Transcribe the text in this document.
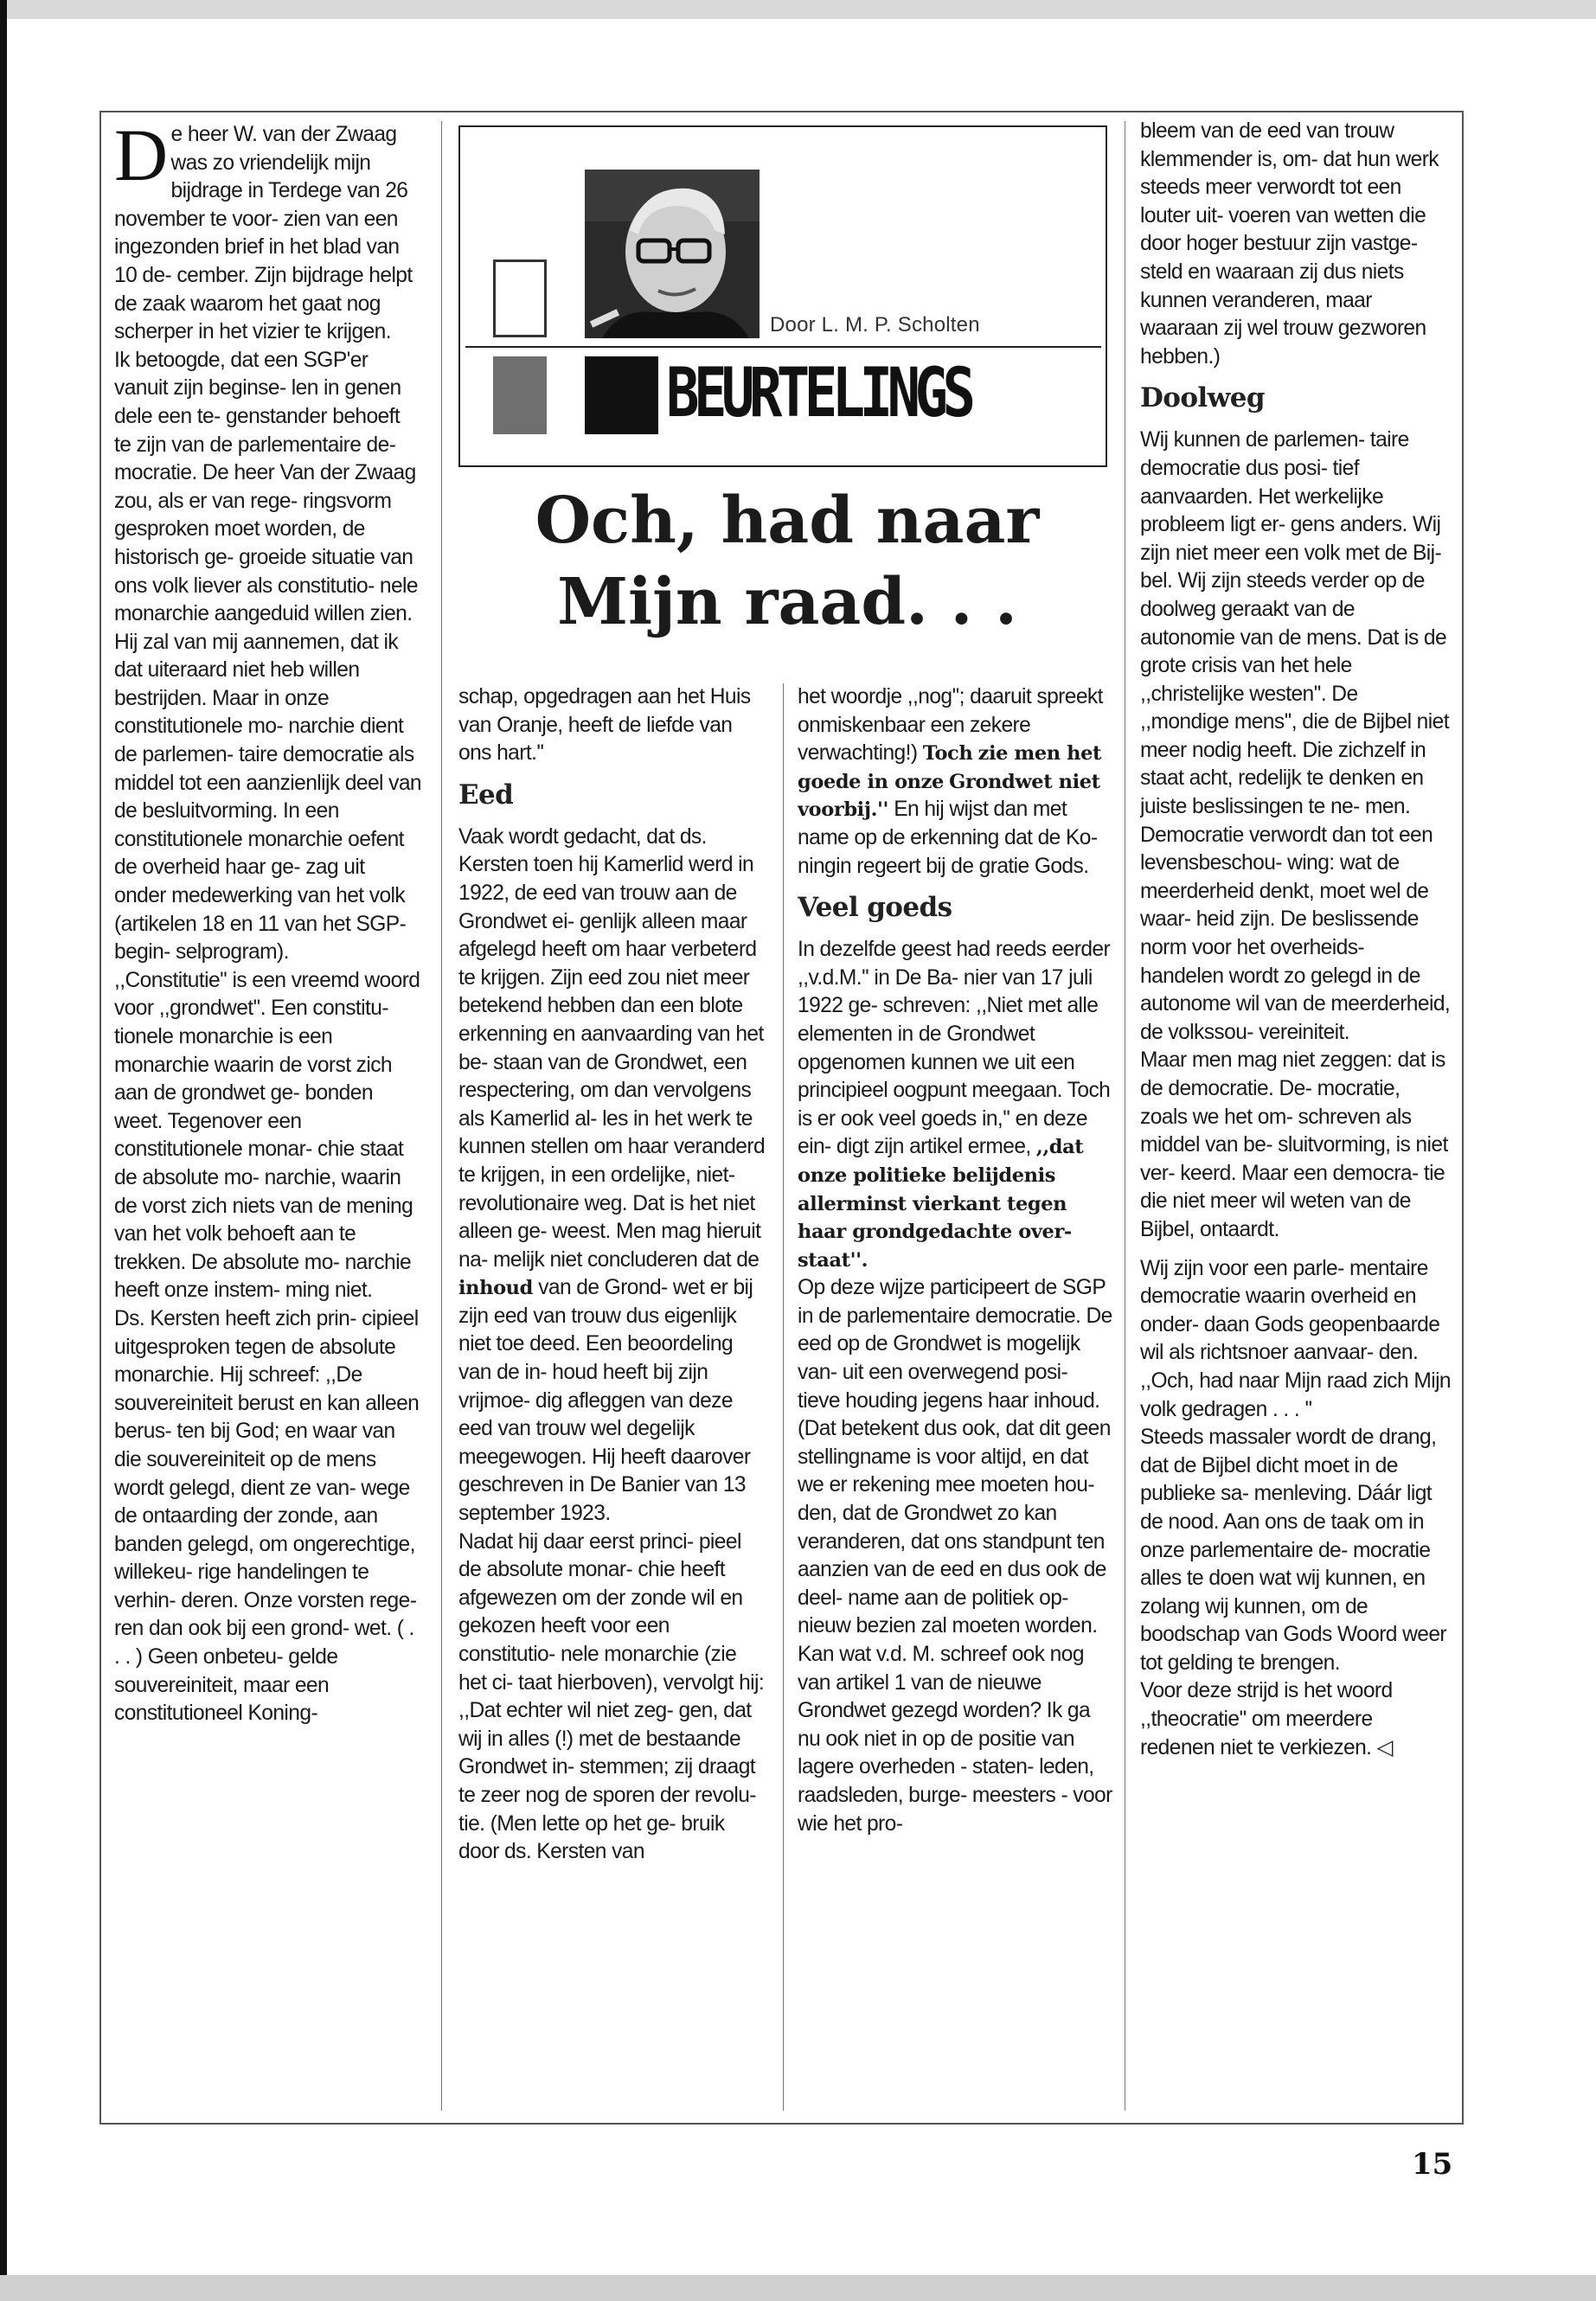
Door L. M. P. Scholten
BEURTELINGS
Och, had naar
Mijn raad. . .
D e heer W. van der Zwaag was zo vriendelijk mijn bijdrage in Terdege van 26 november te voor- zien van een ingezonden brief in het blad van 10 de- cember. Zijn bijdrage helpt de zaak waarom het gaat nog scherper in het vizier te krijgen.

Ik betoogde, dat een SGP'er vanuit zijn beginse- len in genen dele een te- genstander behoeft te zijn van de parlementaire de- mocratie. De heer Van der Zwaag zou, als er van rege- ringsvorm gesproken moet worden, de historisch ge- groeide situatie van ons volk liever als constitutio- nele monarchie aangeduid willen zien.

Hij zal van mij aannemen, dat ik dat uiteraard niet heb willen bestrijden. Maar in onze constitutionele mo- narchie dient de parlemen- taire democratie als middel tot een aanzienlijk deel van de besluitvorming. In een constitutionele monarchie oefent de overheid haar ge- zag uit onder medewerking van het volk (artikelen 18 en 11 van het SGP-begin- selprogram).

,,Constitutie'' is een vreemd woord voor ,,grondwet''. Een constitu- tionele monarchie is een monarchie waarin de vorst zich aan de grondwet ge- bonden weet. Tegenover een constitutionele monar- chie staat de absolute mo- narchie, waarin de vorst zich niets van de mening van het volk behoeft aan te trekken. De absolute mo- narchie heeft onze instem- ming niet.

Ds. Kersten heeft zich prin- cipieel uitgesproken tegen de absolute monarchie. Hij schreef: ,,De souvereiniteit berust en kan alleen berus- ten bij God; en waar van die souvereiniteit op de mens wordt gelegd, dient ze van- wege de ontaarding der zonde, aan banden gelegd, om ongerechtige, willekeu- rige handelingen te verhin- deren. Onze vorsten rege- ren dan ook bij een grond- wet. ( . . . ) Geen onbeteu- gelde souvereiniteit, maar een constitutioneel Koning-

schap, opgedragen aan het Huis van Oranje, heeft de liefde van ons hart.''

Eed

Vaak wordt gedacht, dat ds. Kersten toen hij Kamerlid werd in 1922, de eed van trouw aan de Grondwet ei- genlijk alleen maar afgelegd heeft om haar verbeterd te krijgen. Zijn eed zou niet meer betekend hebben dan een blote erkenning en aanvaarding van het be- staan van de Grondwet, een respectering, om dan vervolgens als Kamerlid al- les in het werk te kunnen stellen om haar veranderd te krijgen, in een ordelijke, niet-revolutionaire weg. Dat is het niet alleen ge- weest. Men mag hieruit na- melijk niet concluderen dat de inhoud van de Grond- wet er bij zijn eed van trouw dus eigenlijk niet toe deed. Een beoordeling van de in- houd heeft bij zijn vrijmoe- dig afleggen van deze eed van trouw wel degelijk meegewogen. Hij heeft daarover geschreven in De Banier van 13 september 1923.

Nadat hij daar eerst princi- pieel de absolute monar- chie heeft afgewezen om der zonde wil en gekozen heeft voor een constitutio- nele monarchie (zie het ci- taat hierboven), vervolgt hij: ,,Dat echter wil niet zeg- gen, dat wij in alles (!) met de bestaande Grondwet in- stemmen; zij draagt te zeer nog de sporen der revolu- tie. (Men lette op het ge- bruik door ds. Kersten van

het woordje ,,nog''; daaruit spreekt onmiskenbaar een zekere verwachting!) Toch zie men het goede in onze Grondwet niet voorbij.'' En hij wijst dan met name op de erkenning dat de Ko- ningin regeert bij de gratie Gods.

Veel goeds

In dezelfde geest had reeds eerder ,,v.d.M.'' in De Ba- nier van 17 juli 1922 ge- schreven: ,,Niet met alle elementen in de Grondwet opgenomen kunnen we uit een principieel oogpunt meegaan. Toch is er ook veel goeds in,'' en deze ein- digt zijn artikel ermee, ,,dat onze politieke belijdenis allerminst vierkant tegen haar grondgedachte over- staat''.

Op deze wijze participeert de SGP in de parlementaire democratie. De eed op de Grondwet is mogelijk van- uit een overwegend posi- tieve houding jegens haar inhoud.

(Dat betekent dus ook, dat dit geen stellingname is voor altijd, en dat we er rekening mee moeten hou- den, dat de Grondwet zo kan veranderen, dat ons standpunt ten aanzien van de eed en dus ook de deel- name aan de politiek op- nieuw bezien zal moeten worden. Kan wat v.d. M. schreef ook nog van artikel 1 van de nieuwe Grondwet gezegd worden? Ik ga nu ook niet in op de positie van lagere overheden - staten- leden, raadsleden, burge- meesters - voor wie het pro-

bleem van de eed van trouw klemmender is, om- dat hun werk steeds meer verwordt tot een louter uit- voeren van wetten die door hoger bestuur zijn vastge- steld en waaraan zij dus niets kunnen veranderen, maar waaraan zij wel trouw gezworen hebben.)

Doolweg

Wij kunnen de parlemen- taire democratie dus posi- tief aanvaarden. Het werkelijke probleem ligt er- gens anders. Wij zijn niet meer een volk met de Bij- bel. Wij zijn steeds verder op de doolweg geraakt van de autonomie van de mens. Dat is de grote crisis van het hele ,,christelijke westen''. De ,,mondige mens'', die de Bijbel niet meer nodig heeft. Die zichzelf in staat acht, redelijk te denken en juiste beslissingen te ne- men. Democratie verwordt dan tot een levensbeschou- wing: wat de meerderheid denkt, moet wel de waar- heid zijn. De beslissende norm voor het overheids- handelen wordt zo gelegd in de autonome wil van de meerderheid, de volkssou- vereiniteit.

Maar men mag niet zeggen: dat is de democratie. De- mocratie, zoals we het om- schreven als middel van be- sluitvorming, is niet ver- keerd. Maar een democra- tie die niet meer wil weten van de Bijbel, ontaardt.

Wij zijn voor een parle- mentaire democratie waarin overheid en onder- daan Gods geopenbaarde wil als richtsnoer aanvaar- den. ,,Och, had naar Mijn raad zich Mijn volk gedragen . . . ''

Steeds massaler wordt de drang, dat de Bijbel dicht moet in de publieke sa- menleving. Dáár ligt de nood. Aan ons de taak om in onze parlementaire de- mocratie alles te doen wat wij kunnen, en zolang wij kunnen, om de boodschap van Gods Woord weer tot gelding te brengen.

Voor deze strijd is het woord ,,theocratie'' om meerdere redenen niet te verkiezen. ◁

15
